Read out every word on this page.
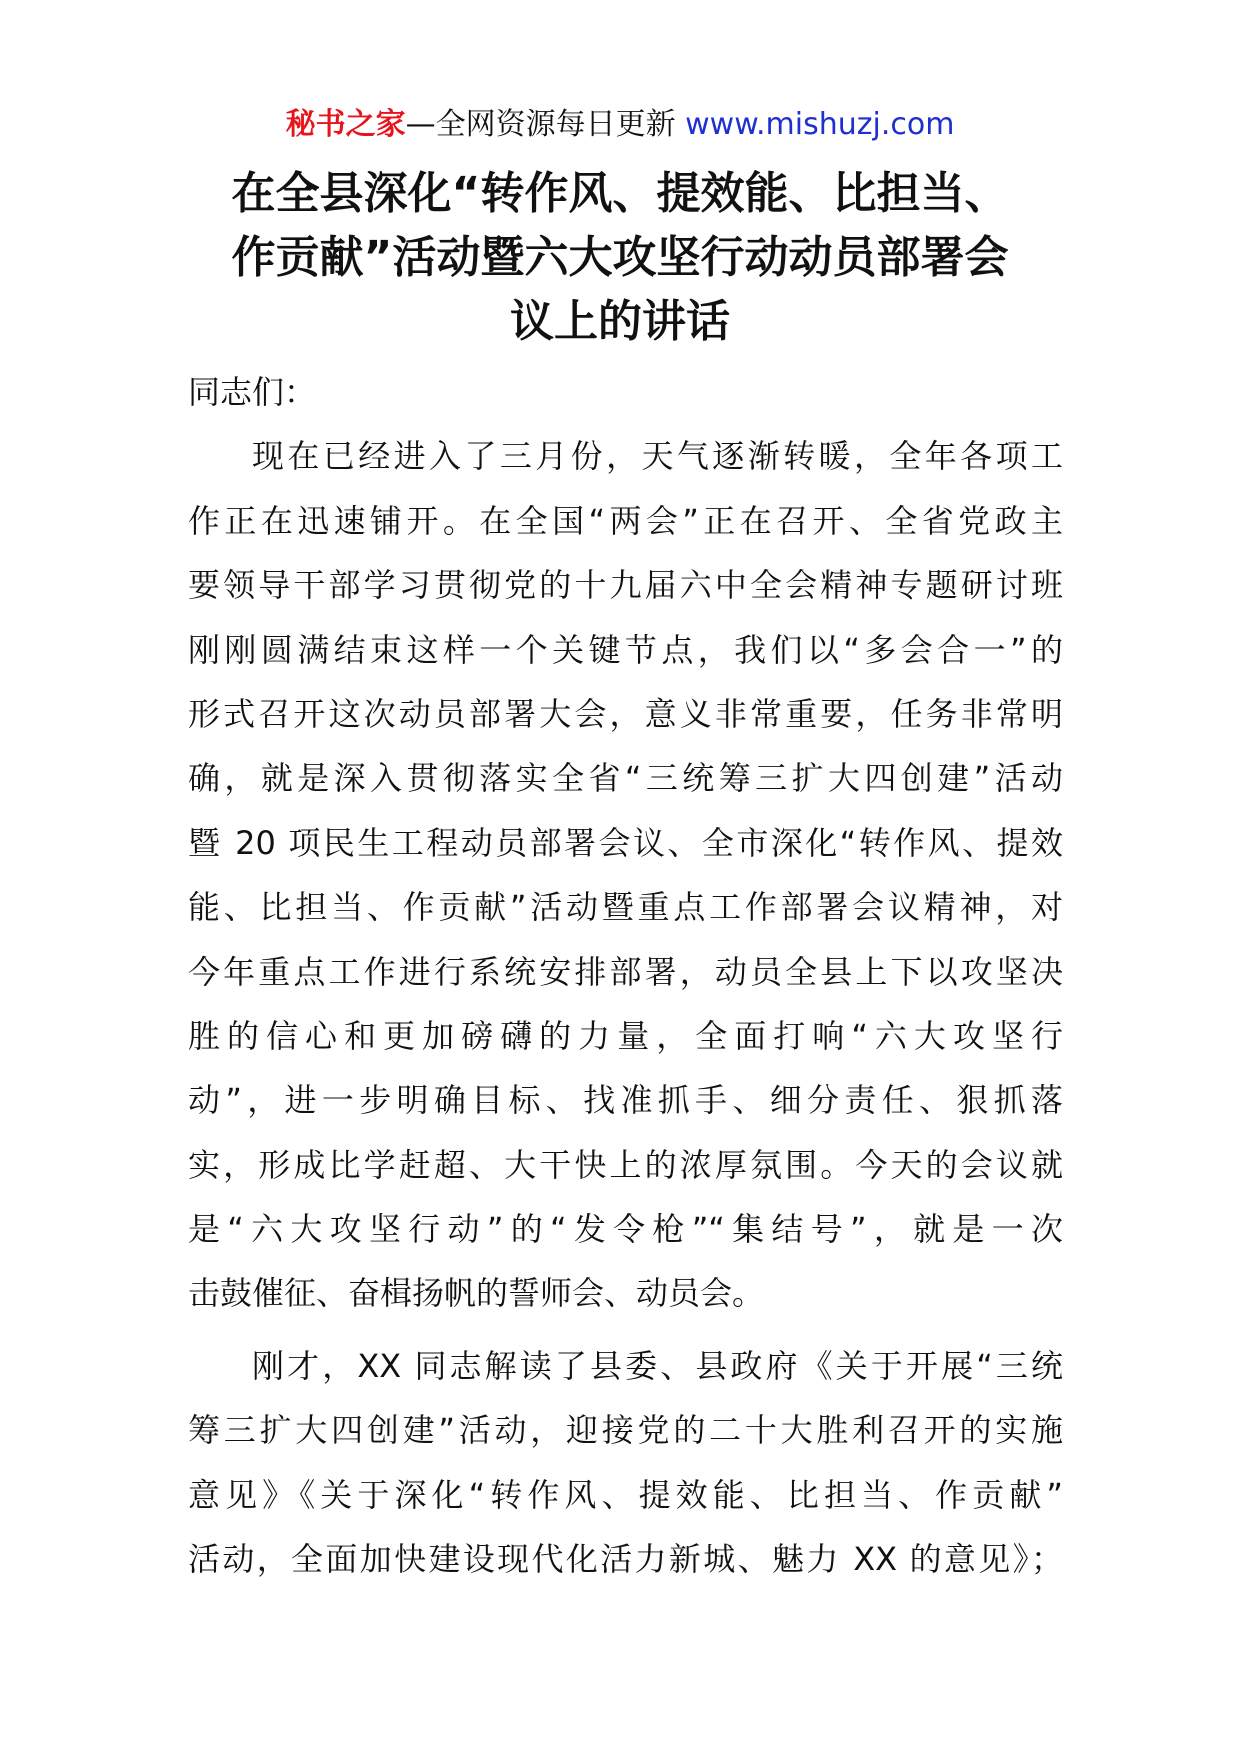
秘书之家—全网资源每日更新 www.mishuzj.com
在全县深化“转作风、提效能、比担当、
作贡献”活动暨六大攻坚行动动员部署会
议上的讲话
同志们：
现在已经进入了三月份，天气逐渐转暖，全年各项工
作正在迅速铺开。在全国“两会”正在召开、全省党政主
要领导干部学习贯彻党的十九届六中全会精神专题研讨班
刚刚圆满结束这样一个关键节点，我们以“多会合一”的
形式召开这次动员部署大会，意义非常重要，任务非常明
确，就是深入贯彻落实全省“三统筹三扩大四创建”活动
暨 20 项民生工程动员部署会议、全市深化“转作风、提效
能、比担当、作贡献”活动暨重点工作部署会议精神，对
今年重点工作进行系统安排部署，动员全县上下以攻坚决
胜的信心和更加磅礴的力量，全面打响“六大攻坚行
动”，进一步明确目标、找准抓手、细分责任、狠抓落
实，形成比学赶超、大干快上的浓厚氛围。今天的会议就
是“六大攻坚行动”的“发令枪”“集结号”，就是一次
击鼓催征、奋楫扬帆的誓师会、动员会。
刚才，XX 同志解读了县委、县政府《关于开展“三统
筹三扩大四创建”活动，迎接党的二十大胜利召开的实施
意见》《关于深化“转作风、提效能、比担当、作贡献”
活动，全面加快建设现代化活力新城、魅力 XX 的意见》；
